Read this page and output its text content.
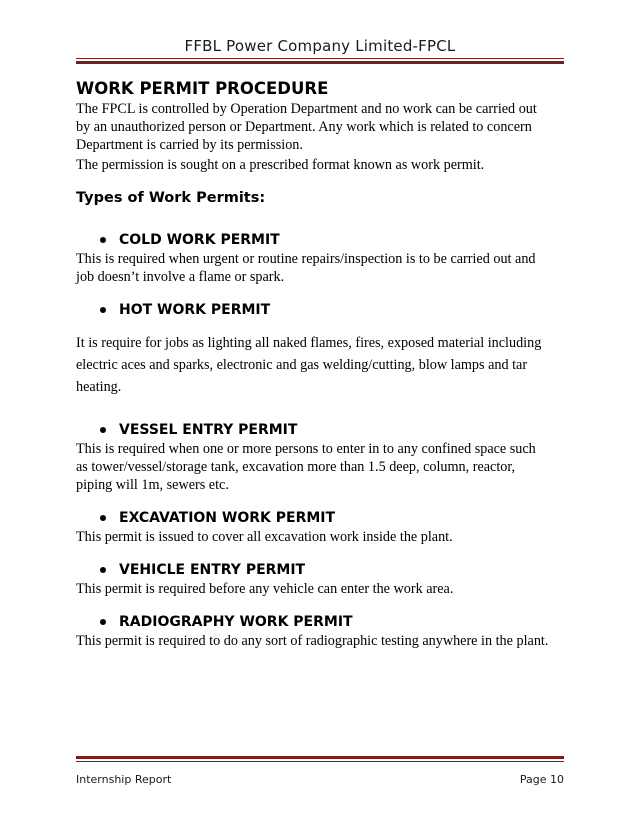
FFBL Power Company Limited-FPCL

WORK PERMIT PROCEDURE

The FPCL is controlled by Operation Department and no work can be carried out

by an unauthorized person or Department. Any work which is related to concern

Department is carried by its permission.

The permission is sought on a prescribed format known as work permit.

Types of Work Permits:

COLD WORK PERMIT

This is required when urgent or routine repairs/inspection is to be carried out and

job doesn’t involve a flame or spark.

HOT WORK PERMIT

It is require for jobs as lighting all naked flames, fires, exposed material including

electric aces and sparks, electronic and gas welding/cutting, blow lamps and tar

heating.

VESSEL ENTRY PERMIT

This is required when one or more persons to enter in to any confined space such

as tower/vessel/storage tank, excavation more than 1.5 deep, column, reactor,

piping will 1m, sewers etc.

EXCAVATION WORK PERMIT

This permit is issued to cover all excavation work inside the plant.

VEHICLE ENTRY PERMIT

This permit is required before any vehicle can enter the work area.

RADIOGRAPHY WORK PERMIT

This permit is required to do any sort of radiographic testing anywhere in the plant.

Internship Report	Page 10
